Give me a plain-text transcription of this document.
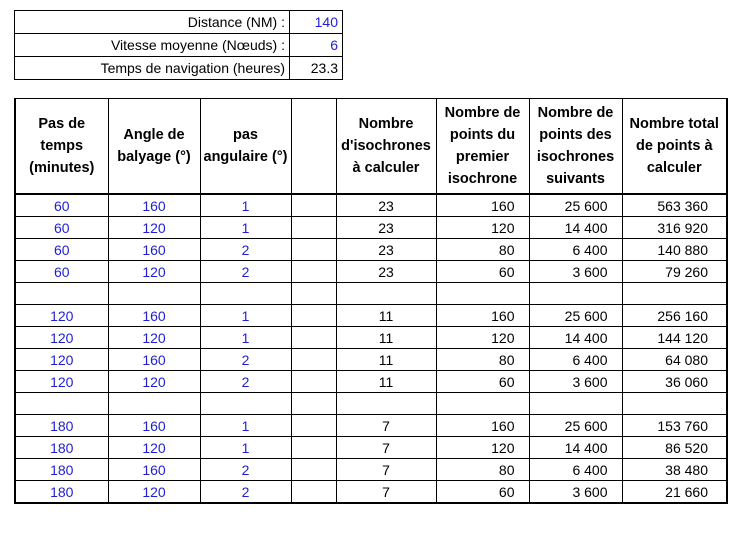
Distance (NM) :	140
Vitesse moyenne (Nœuds) :	6
Temps de navigation (heures)	23.3
Pas de temps (minutes)	Angle de balyage (°)	pas angulaire (°)		Nombre d'isochrones à calculer	Nombre de points du premier isochrone	Nombre de points des isochrones suivants	Nombre total de points à calculer
60	160	1		23	160	25 600	563 360
60	120	1		23	120	14 400	316 920
60	160	2		23	80	6 400	140 880
60	120	2		23	60	3 600	79 260

120	160	1		11	160	25 600	256 160
120	120	1		11	120	14 400	144 120
120	160	2		11	80	6 400	64 080
120	120	2		11	60	3 600	36 060

180	160	1		7	160	25 600	153 760
180	120	1		7	120	14 400	86 520
180	160	2		7	80	6 400	38 480
180	120	2		7	60	3 600	21 660
